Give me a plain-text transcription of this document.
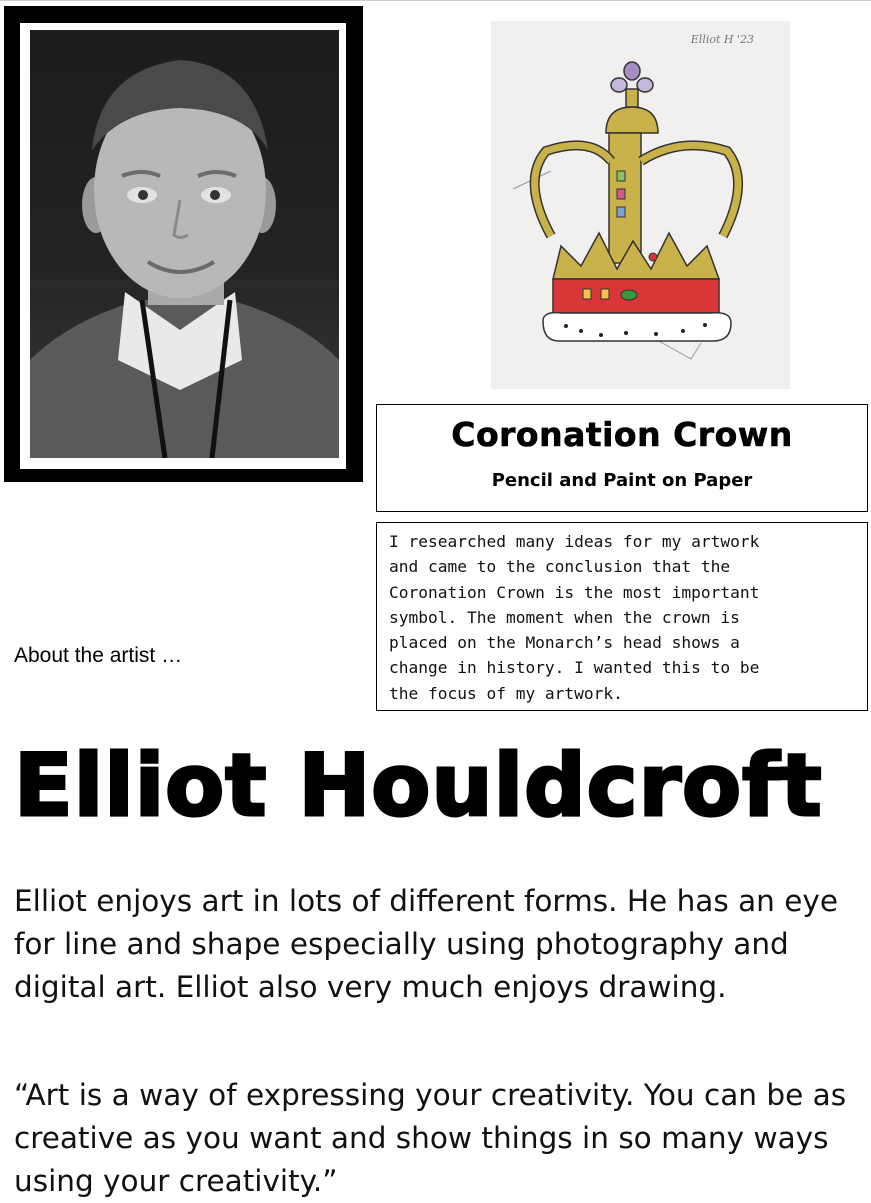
Elliot H '23
Coronation Crown
Pencil and Paint on Paper
I researched many ideas for my artwork
and came to the conclusion that the
Coronation Crown is the most important
symbol. The moment when the crown is
placed on the Monarch’s head shows a
change in history. I wanted this to be
the focus of my artwork.
About the artist …
Elliot Houldcroft
Elliot enjoys art in lots of different forms. He has an eye for line and shape especially using photography and digital art. Elliot also very much enjoys drawing.
“Art is a way of expressing your creativity. You can be as creative as you want and show things in so many ways using your creativity.”
